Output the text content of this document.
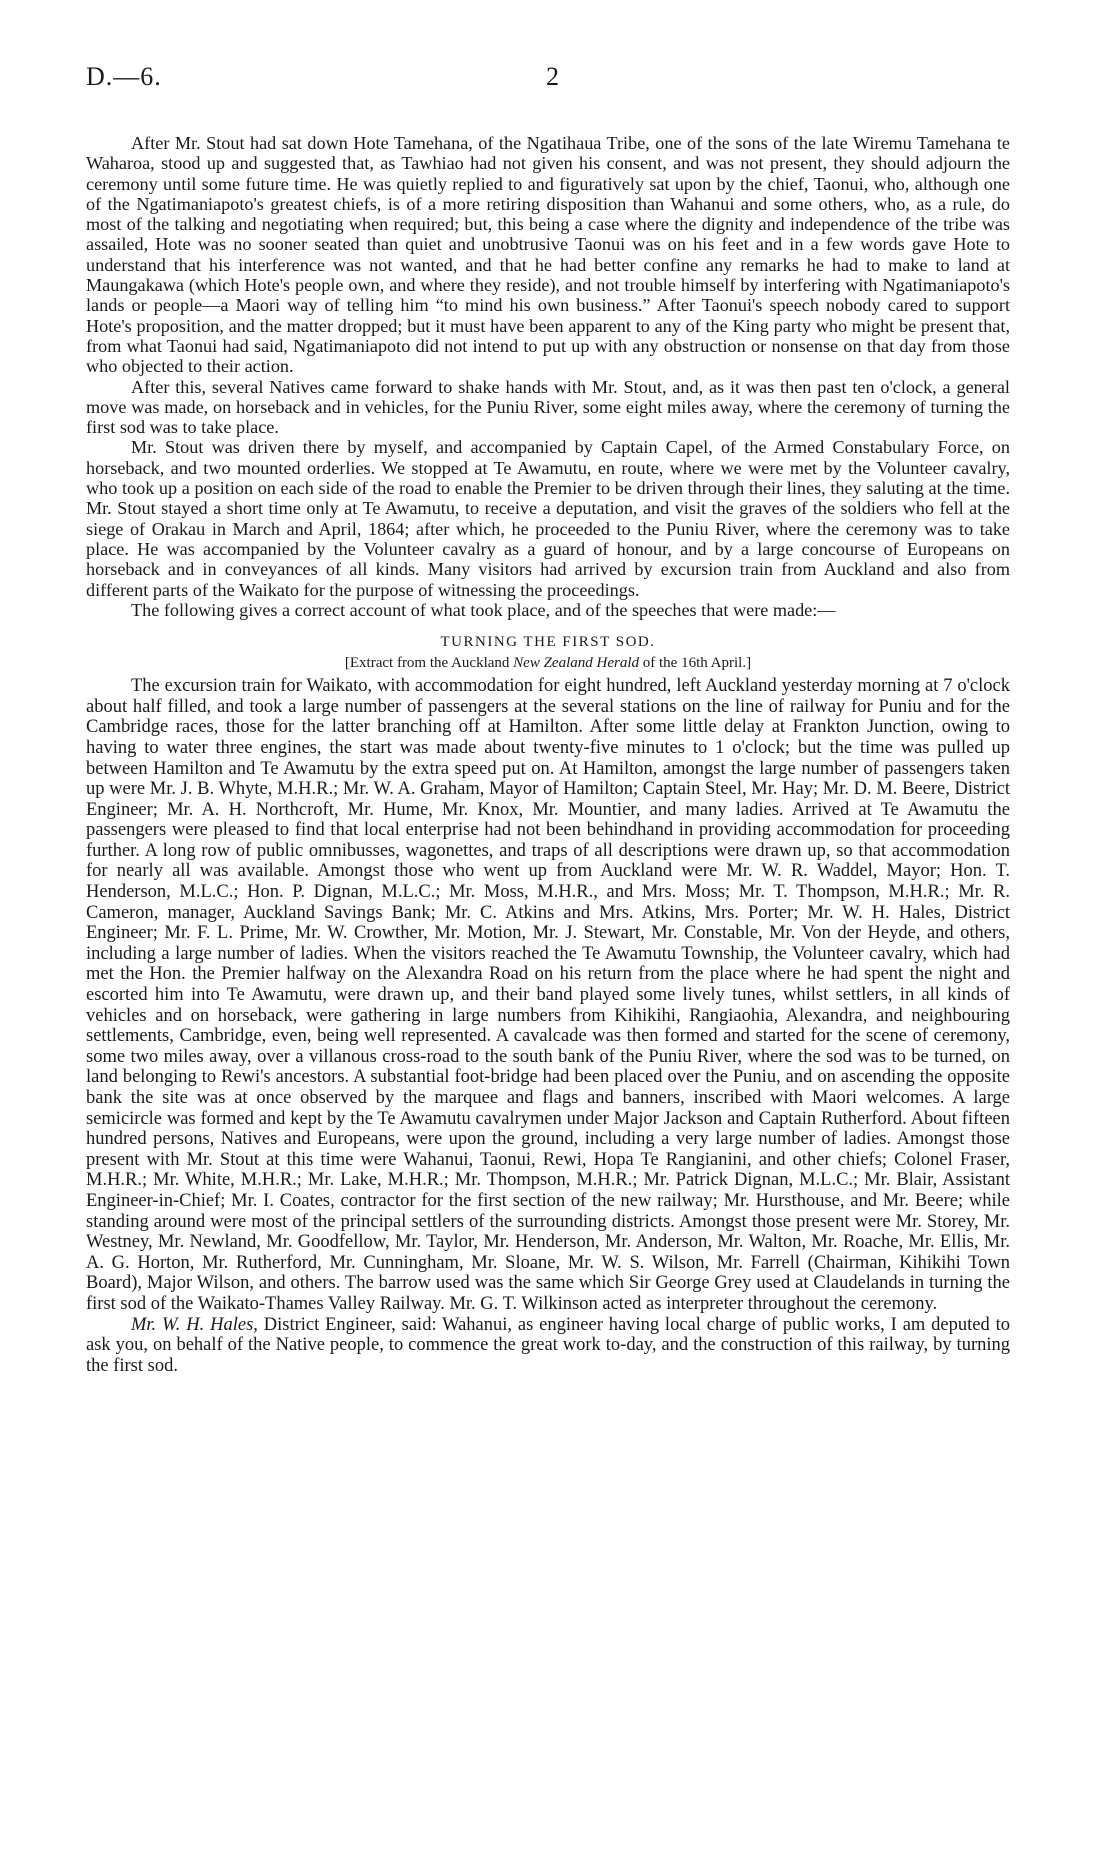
D.—6.	2

After Mr. Stout had sat down Hote Tamehana, of the Ngatihaua Tribe, one of the sons of the late Wiremu Tamehana te Waharoa, stood up and suggested that, as Tawhiao had not given his consent, and was not present, they should adjourn the ceremony until some future time. He was quietly replied to and figuratively sat upon by the chief, Taonui, who, although one of the Ngatimaniapoto's greatest chiefs, is of a more retiring disposition than Wahanui and some others, who, as a rule, do most of the talking and negotiating when required; but, this being a case where the dignity and independence of the tribe was assailed, Hote was no sooner seated than quiet and unobtrusive Taonui was on his feet and in a few words gave Hote to understand that his interference was not wanted, and that he had better confine any remarks he had to make to land at Maungakawa (which Hote's people own, and where they reside), and not trouble himself by interfering with Ngatimaniapoto's lands or people—a Maori way of telling him “to mind his own business.” After Taonui's speech nobody cared to support Hote's proposition, and the matter dropped; but it must have been apparent to any of the King party who might be present that, from what Taonui had said, Ngatimaniapoto did not intend to put up with any obstruction or nonsense on that day from those who objected to their action.

After this, several Natives came forward to shake hands with Mr. Stout, and, as it was then past ten o'clock, a general move was made, on horseback and in vehicles, for the Puniu River, some eight miles away, where the ceremony of turning the first sod was to take place.

Mr. Stout was driven there by myself, and accompanied by Captain Capel, of the Armed Constabulary Force, on horseback, and two mounted orderlies. We stopped at Te Awamutu, en route, where we were met by the Volunteer cavalry, who took up a position on each side of the road to enable the Premier to be driven through their lines, they saluting at the time. Mr. Stout stayed a short time only at Te Awamutu, to receive a deputation, and visit the graves of the soldiers who fell at the siege of Orakau in March and April, 1864; after which, he proceeded to the Puniu River, where the ceremony was to take place. He was accompanied by the Volunteer cavalry as a guard of honour, and by a large concourse of Europeans on horseback and in conveyances of all kinds. Many visitors had arrived by excursion train from Auckland and also from different parts of the Waikato for the purpose of witnessing the proceedings.

The following gives a correct account of what took place, and of the speeches that were made:—

TURNING THE FIRST SOD.
[Extract from the Auckland New Zealand Herald of the 16th April.]

The excursion train for Waikato, with accommodation for eight hundred, left Auckland yesterday morning at 7 o'clock about half filled, and took a large number of passengers at the several stations on the line of railway for Puniu and for the Cambridge races, those for the latter branching off at Hamilton. After some little delay at Frankton Junction, owing to having to water three engines, the start was made about twenty-five minutes to 1 o'clock; but the time was pulled up between Hamilton and Te Awamutu by the extra speed put on. At Hamilton, amongst the large number of passengers taken up were Mr. J. B. Whyte, M.H.R.; Mr. W. A. Graham, Mayor of Hamilton; Captain Steel, Mr. Hay; Mr. D. M. Beere, District Engineer; Mr. A. H. Northcroft, Mr. Hume, Mr. Knox, Mr. Mountier, and many ladies. Arrived at Te Awamutu the passengers were pleased to find that local enterprise had not been behindhand in providing accommodation for proceeding further. A long row of public omnibusses, wagonettes, and traps of all descriptions were drawn up, so that accommodation for nearly all was available. Amongst those who went up from Auckland were Mr. W. R. Waddel, Mayor; Hon. T. Henderson, M.L.C.; Hon. P. Dignan, M.L.C.; Mr. Moss, M.H.R., and Mrs. Moss; Mr. T. Thompson, M.H.R.; Mr. R. Cameron, manager, Auckland Savings Bank; Mr. C. Atkins and Mrs. Atkins, Mrs. Porter; Mr. W. H. Hales, District Engineer; Mr. F. L. Prime, Mr. W. Crowther, Mr. Motion, Mr. J. Stewart, Mr. Constable, Mr. Von der Heyde, and others, including a large number of ladies. When the visitors reached the Te Awamutu Township, the Volunteer cavalry, which had met the Hon. the Premier halfway on the Alexandra Road on his return from the place where he had spent the night and escorted him into Te Awamutu, were drawn up, and their band played some lively tunes, whilst settlers, in all kinds of vehicles and on horseback, were gathering in large numbers from Kihikihi, Rangiaohia, Alexandra, and neighbouring settlements, Cambridge, even, being well represented. A cavalcade was then formed and started for the scene of ceremony, some two miles away, over a villanous cross-road to the south bank of the Puniu River, where the sod was to be turned, on land belonging to Rewi's ancestors. A substantial foot-bridge had been placed over the Puniu, and on ascending the opposite bank the site was at once observed by the marquee and flags and banners, inscribed with Maori welcomes. A large semicircle was formed and kept by the Te Awamutu cavalrymen under Major Jackson and Captain Rutherford. About fifteen hundred persons, Natives and Europeans, were upon the ground, including a very large number of ladies. Amongst those present with Mr. Stout at this time were Wahanui, Taonui, Rewi, Hopa Te Rangianini, and other chiefs; Colonel Fraser, M.H.R.; Mr. White, M.H.R.; Mr. Lake, M.H.R.; Mr. Thompson, M.H.R.; Mr. Patrick Dignan, M.L.C.; Mr. Blair, Assistant Engineer-in-Chief; Mr. I. Coates, contractor for the first section of the new railway; Mr. Hursthouse, and Mr. Beere; while standing around were most of the principal settlers of the surrounding districts. Amongst those present were Mr. Storey, Mr. Westney, Mr. Newland, Mr. Goodfellow, Mr. Taylor, Mr. Henderson, Mr. Anderson, Mr. Walton, Mr. Roache, Mr. Ellis, Mr. A. G. Horton, Mr. Rutherford, Mr. Cunningham, Mr. Sloane, Mr. W. S. Wilson, Mr. Farrell (Chairman, Kihikihi Town Board), Major Wilson, and others. The barrow used was the same which Sir George Grey used at Claudelands in turning the first sod of the Waikato-Thames Valley Railway. Mr. G. T. Wilkinson acted as interpreter throughout the ceremony.

Mr. W. H. Hales, District Engineer, said: Wahanui, as engineer having local charge of public works, I am deputed to ask you, on behalf of the Native people, to commence the great work to-day, and the construction of this railway, by turning the first sod.
